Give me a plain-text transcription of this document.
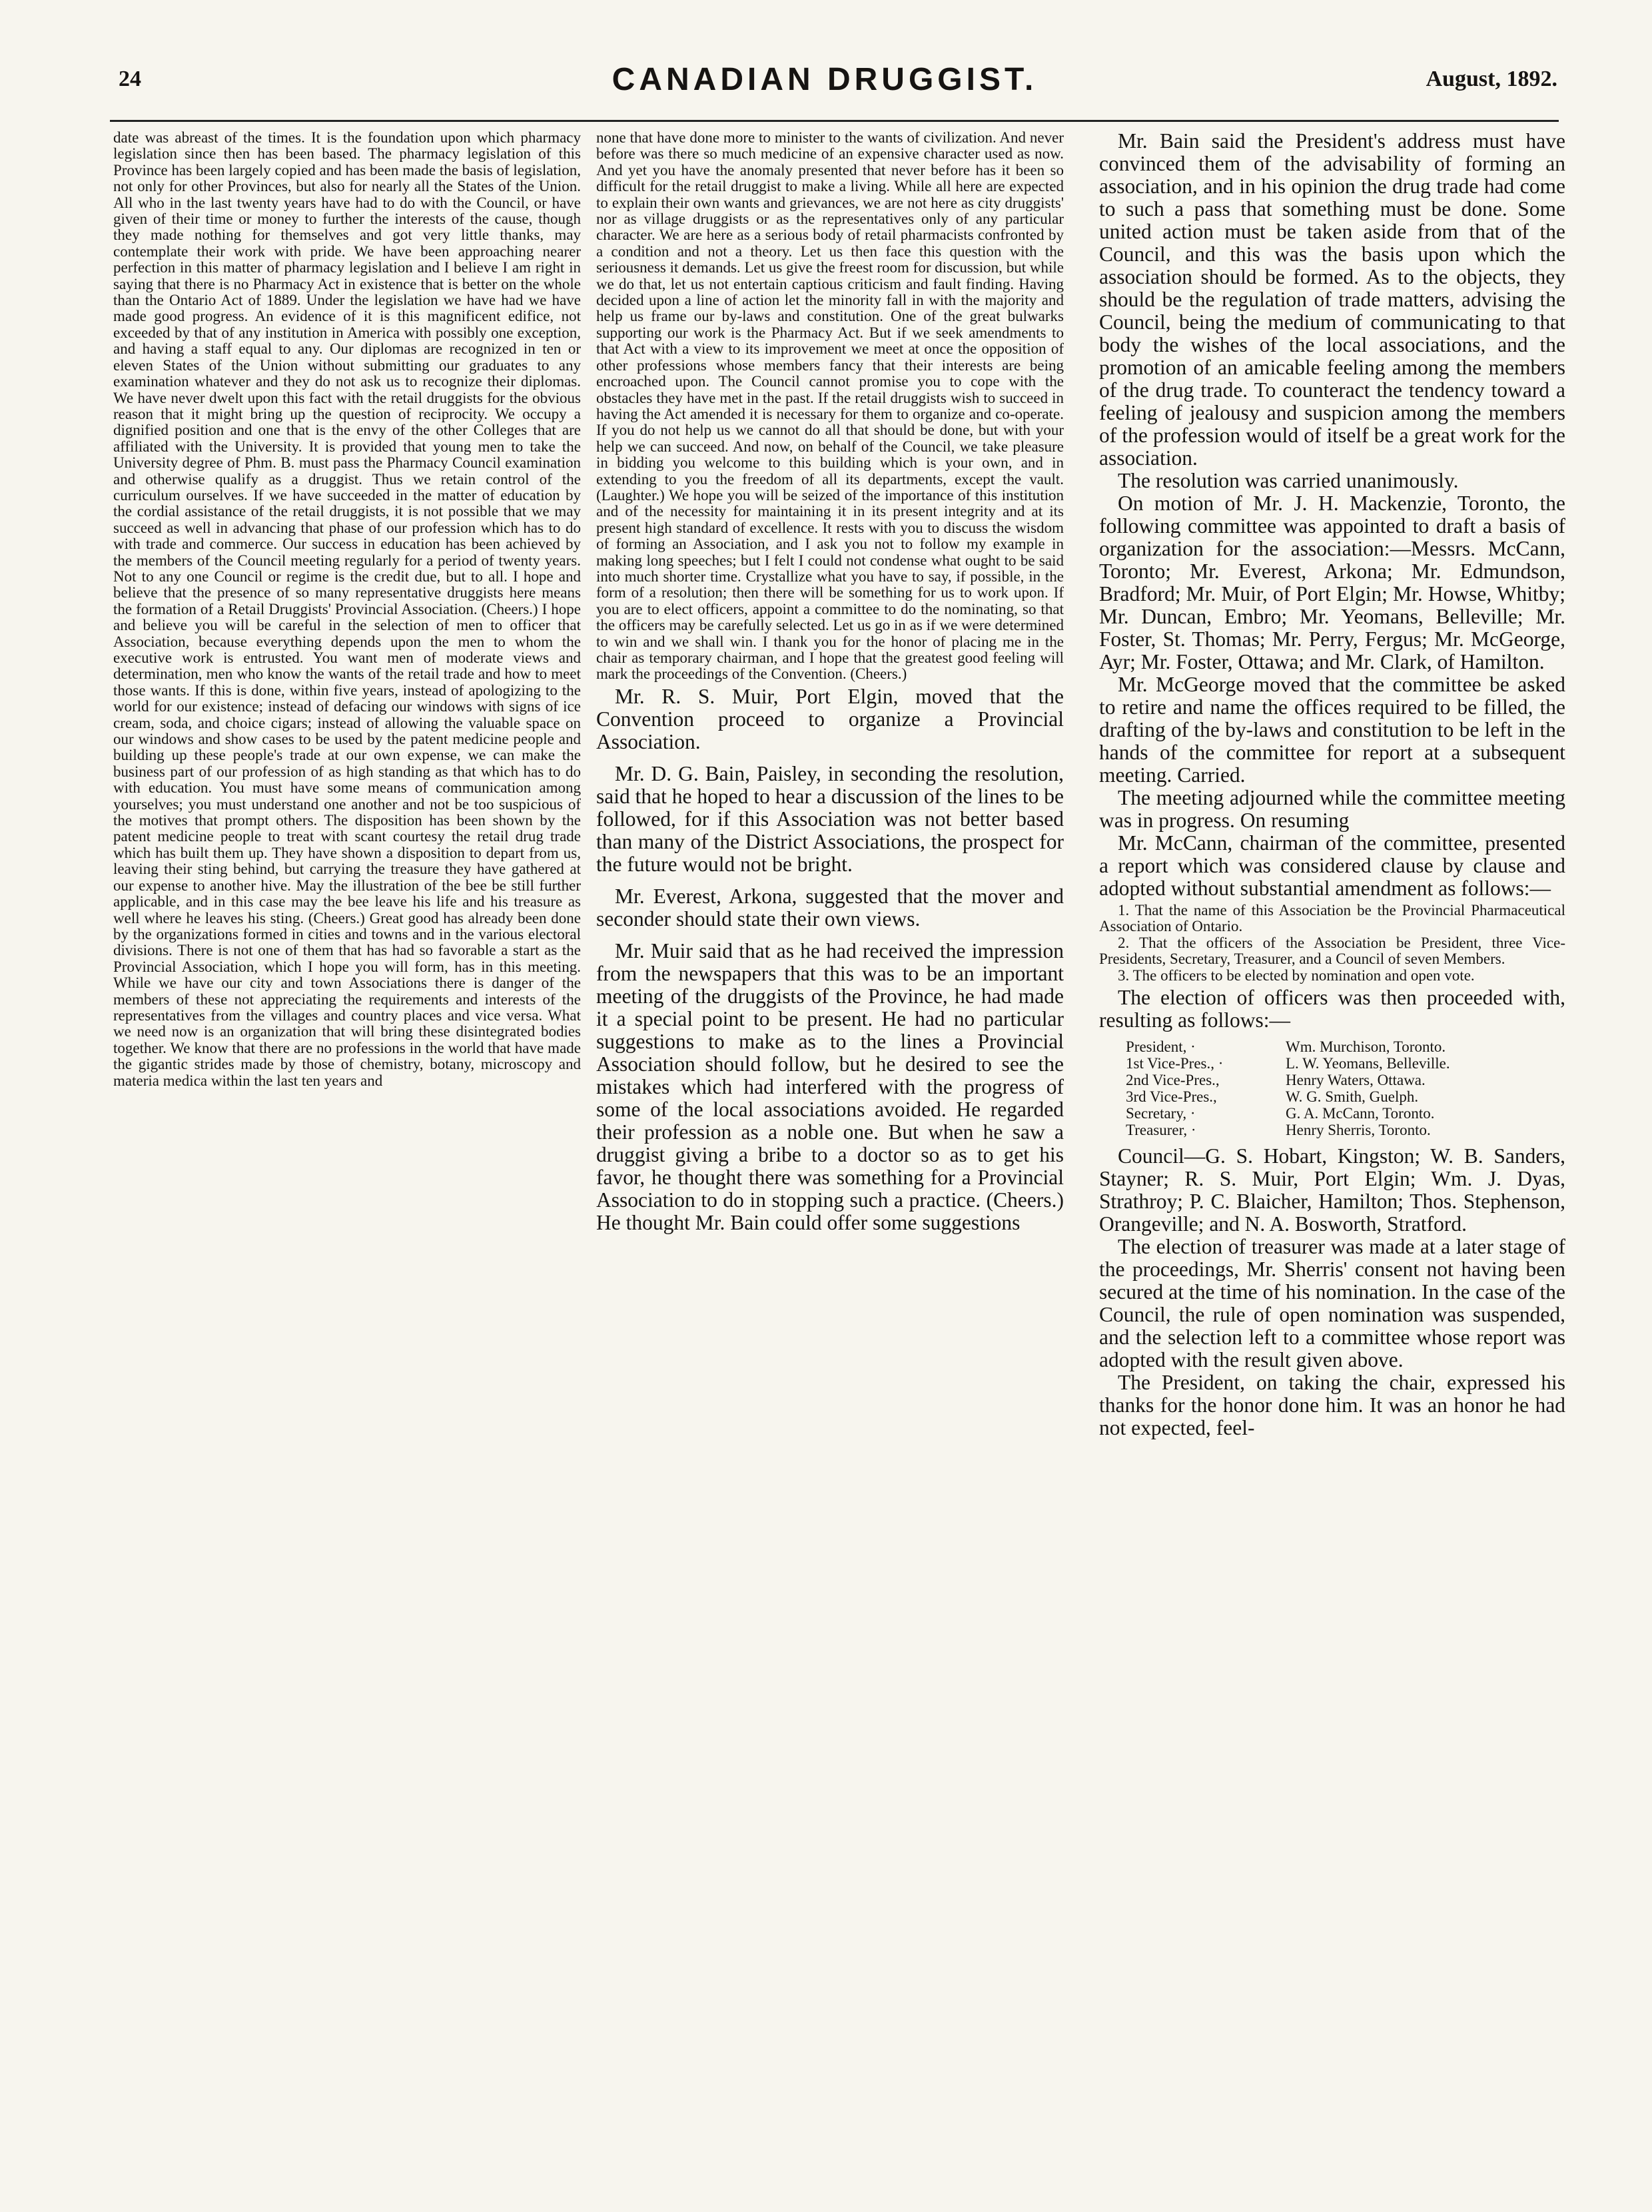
24	CANADIAN DRUGGIST.	August, 1892.

date was abreast of the times. It is the foundation upon which pharmacy legislation since then has been based. The pharmacy legislation of this Province has been largely copied and has been made the basis of legislation, not only for other Provinces, but also for nearly all the States of the Union. All who in the last twenty years have had to do with the Council, or have given of their time or money to further the interests of the cause, though they made nothing for themselves and got very little thanks, may contemplate their work with pride. We have been approaching nearer perfection in this matter of pharmacy legislation and I believe I am right in saying that there is no Pharmacy Act in existence that is better on the whole than the Ontario Act of 1889. Under the legislation we have had we have made good progress. An evidence of it is this magnificent edifice, not exceeded by that of any institution in America with possibly one exception, and having a staff equal to any. Our diplomas are recognized in ten or eleven States of the Union without submitting our graduates to any examination whatever and they do not ask us to recognize their diplomas. We have never dwelt upon this fact with the retail druggists for the obvious reason that it might bring up the question of reciprocity. We occupy a dignified position and one that is the envy of the other Colleges that are affiliated with the University. It is provided that young men to take the University degree of Phm. B. must pass the Pharmacy Council examination and otherwise qualify as a druggist. Thus we retain control of the curriculum ourselves. If we have succeeded in the matter of education by the cordial assistance of the retail druggists, it is not possible that we may succeed as well in advancing that phase of our profession which has to do with trade and commerce. Our success in education has been achieved by the members of the Council meeting regularly for a period of twenty years. Not to any one Council or regime is the credit due, but to all. I hope and believe that the presence of so many representative druggists here means the formation of a Retail Druggists' Provincial Association. (Cheers.) I hope and believe you will be careful in the selection of men to officer that Association, because everything depends upon the men to whom the executive work is entrusted. You want men of moderate views and determination, men who know the wants of the retail trade and how to meet those wants. If this is done, within five years, instead of apologizing to the world for our existence; instead of defacing our windows with signs of ice cream, soda, and choice cigars; instead of allowing the valuable space on our windows and show cases to be used by the patent medicine people and building up these people's trade at our own expense, we can make the business part of our profession of as high standing as that which has to do with education. You must have some means of communication among yourselves; you must understand one another and not be too suspicious of the motives that prompt others. The disposition has been shown by the patent medicine people to treat with scant courtesy the retail drug trade which has built them up. They have shown a disposition to depart from us, leaving their sting behind, but carrying the treasure they have gathered at our expense to another hive. May the illustration of the bee be still further applicable, and in this case may the bee leave his life and his treasure as well where he leaves his sting. (Cheers.) Great good has already been done by the organizations formed in cities and towns and in the various electoral divisions. There is not one of them that has had so favorable a start as the Provincial Association, which I hope you will form, has in this meeting. While we have our city and town Associations there is danger of the members of these not appreciating the requirements and interests of the representatives from the villages and country places and vice versa. What we need now is an organization that will bring these disintegrated bodies together. We know that there are no professions in the world that have made the gigantic strides made by those of chemistry, botany, microscopy and materia medica within the last ten years and

none that have done more to minister to the wants of civilization. And never before was there so much medicine of an expensive character used as now. And yet you have the anomaly presented that never before has it been so difficult for the retail druggist to make a living. While all here are expected to explain their own wants and grievances, we are not here as city druggists' nor as village druggists or as the representatives only of any particular character. We are here as a serious body of retail pharmacists confronted by a condition and not a theory. Let us then face this question with the seriousness it demands. Let us give the freest room for discussion, but while we do that, let us not entertain captious criticism and fault finding. Having decided upon a line of action let the minority fall in with the majority and help us frame our by-laws and constitution. One of the great bulwarks supporting our work is the Pharmacy Act. But if we seek amendments to that Act with a view to its improvement we meet at once the opposition of other professions whose members fancy that their interests are being encroached upon. The Council cannot promise you to cope with the obstacles they have met in the past. If the retail druggists wish to succeed in having the Act amended it is necessary for them to organize and co-operate. If you do not help us we cannot do all that should be done, but with your help we can succeed. And now, on behalf of the Council, we take pleasure in bidding you welcome to this building which is your own, and in extending to you the freedom of all its departments, except the vault. (Laughter.) We hope you will be seized of the importance of this institution and of the necessity for maintaining it in its present integrity and at its present high standard of excellence. It rests with you to discuss the wisdom of forming an Association, and I ask you not to follow my example in making long speeches; but I felt I could not condense what ought to be said into much shorter time. Crystallize what you have to say, if possible, in the form of a resolution; then there will be something for us to work upon. If you are to elect officers, appoint a committee to do the nominating, so that the officers may be carefully selected. Let us go in as if we were determined to win and we shall win. I thank you for the honor of placing me in the chair as temporary chairman, and I hope that the greatest good feeling will mark the proceedings of the Convention. (Cheers.)

Mr. R. S. Muir, Port Elgin, moved that the Convention proceed to organize a Provincial Association.

Mr. D. G. Bain, Paisley, in seconding the resolution, said that he hoped to hear a discussion of the lines to be followed, for if this Association was not better based than many of the District Associations, the prospect for the future would not be bright.

Mr. Everest, Arkona, suggested that the mover and seconder should state their own views.

Mr. Muir said that as he had received the impression from the newspapers that this was to be an important meeting of the druggists of the Province, he had made it a special point to be present. He had no particular suggestions to make as to the lines a Provincial Association should follow, but he desired to see the mistakes which had interfered with the progress of some of the local associations avoided. He regarded their profession as a noble one. But when he saw a druggist giving a bribe to a doctor so as to get his favor, he thought there was something for a Provincial Association to do in stopping such a practice. (Cheers.) He thought Mr. Bain could offer some suggestions

Mr. Bain said the President's address must have convinced them of the advisability of forming an association, and in his opinion the drug trade had come to such a pass that something must be done. Some united action must be taken aside from that of the Council, and this was the basis upon which the association should be formed. As to the objects, they should be the regulation of trade matters, advising the Council, being the medium of communicating to that body the wishes of the local associations, and the promotion of an amicable feeling among the members of the drug trade. To counteract the tendency toward a feeling of jealousy and suspicion among the members of the profession would of itself be a great work for the association.

The resolution was carried unanimously.

On motion of Mr. J. H. Mackenzie, Toronto, the following committee was appointed to draft a basis of organization for the association:—Messrs. McCann, Toronto; Mr. Everest, Arkona; Mr. Edmundson, Bradford; Mr. Muir, of Port Elgin; Mr. Howse, Whitby; Mr. Duncan, Embro; Mr. Yeomans, Belleville; Mr. Foster, St. Thomas; Mr. Perry, Fergus; Mr. McGeorge, Ayr; Mr. Foster, Ottawa; and Mr. Clark, of Hamilton.

Mr. McGeorge moved that the committee be asked to retire and name the offices required to be filled, the drafting of the by-laws and constitution to be left in the hands of the committee for report at a subsequent meeting. Carried.

The meeting adjourned while the committee meeting was in progress. On resuming

Mr. McCann, chairman of the committee, presented a report which was considered clause by clause and adopted without substantial amendment as follows:—

1. That the name of this Association be the Provincial Pharmaceutical Association of Ontario.

2. That the officers of the Association be President, three Vice-Presidents, Secretary, Treasurer, and a Council of seven Members.

3. The officers to be elected by nomination and open vote.

The election of officers was then proceeded with, resulting as follows:—

President, ·	Wm. Murchison, Toronto.
1st Vice-Pres., ·	L. W. Yeomans, Belleville.
2nd Vice-Pres.,	Henry Waters, Ottawa.
3rd Vice-Pres.,	W. G. Smith, Guelph.
Secretary, ·	G. A. McCann, Toronto.
Treasurer, ·	Henry Sherris, Toronto.

Council—G. S. Hobart, Kingston; W. B. Sanders, Stayner; R. S. Muir, Port Elgin; Wm. J. Dyas, Strathroy; P. C. Blaicher, Hamilton; Thos. Stephenson, Orangeville; and N. A. Bosworth, Stratford.

The election of treasurer was made at a later stage of the proceedings, Mr. Sherris' consent not having been secured at the time of his nomination. In the case of the Council, the rule of open nomination was suspended, and the selection left to a committee whose report was adopted with the result given above.

The President, on taking the chair, expressed his thanks for the honor done him. It was an honor he had not expected, feel-
